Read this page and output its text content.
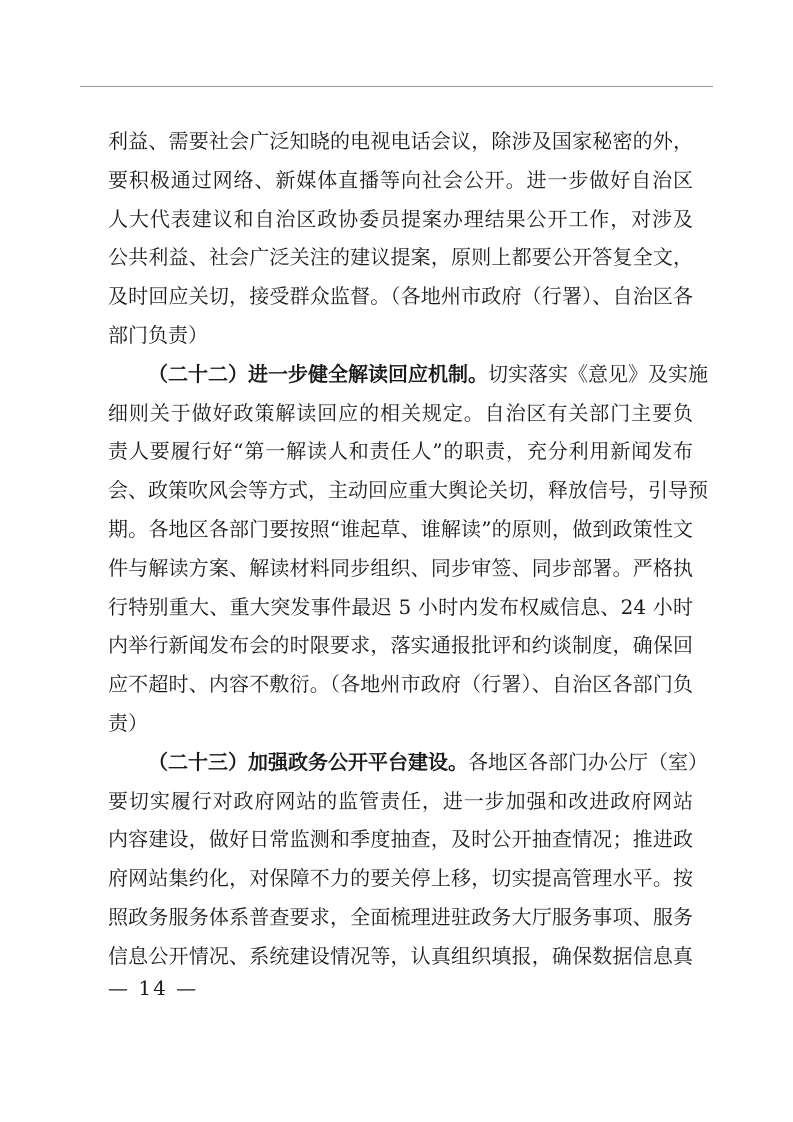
利益、需要社会广泛知晓的电视电话会议，除涉及国家秘密的外，
要积极通过网络、新媒体直播等向社会公开。进一步做好自治区
人大代表建议和自治区政协委员提案办理结果公开工作，对涉及
公共利益、社会广泛关注的建议提案，原则上都要公开答复全文，
及时回应关切，接受群众监督。（各地州市政府（行署）、自治区各
部门负责）
  （二十二）进一步健全解读回应机制。切实落实《意见》及实施
细则关于做好政策解读回应的相关规定。自治区有关部门主要负
责人要履行好“第一解读人和责任人”的职责，充分利用新闻发布
会、政策吹风会等方式，主动回应重大舆论关切，释放信号，引导预
期。各地区各部门要按照“谁起草、谁解读”的原则，做到政策性文
件与解读方案、解读材料同步组织、同步审签、同步部署。严格执
行特别重大、重大突发事件最迟 5 小时内发布权威信息、24 小时
内举行新闻发布会的时限要求，落实通报批评和约谈制度，确保回
应不超时、内容不敷衍。（各地州市政府（行署）、自治区各部门负
责）
  （二十三）加强政务公开平台建设。各地区各部门办公厅（室）
要切实履行对政府网站的监管责任，进一步加强和改进政府网站
内容建设，做好日常监测和季度抽查，及时公开抽查情况；推进政
府网站集约化，对保障不力的要关停上移，切实提高管理水平。按
照政务服务体系普查要求，全面梳理进驻政务大厅服务事项、服务
信息公开情况、系统建设情况等，认真组织填报，确保数据信息真
— 14 —
